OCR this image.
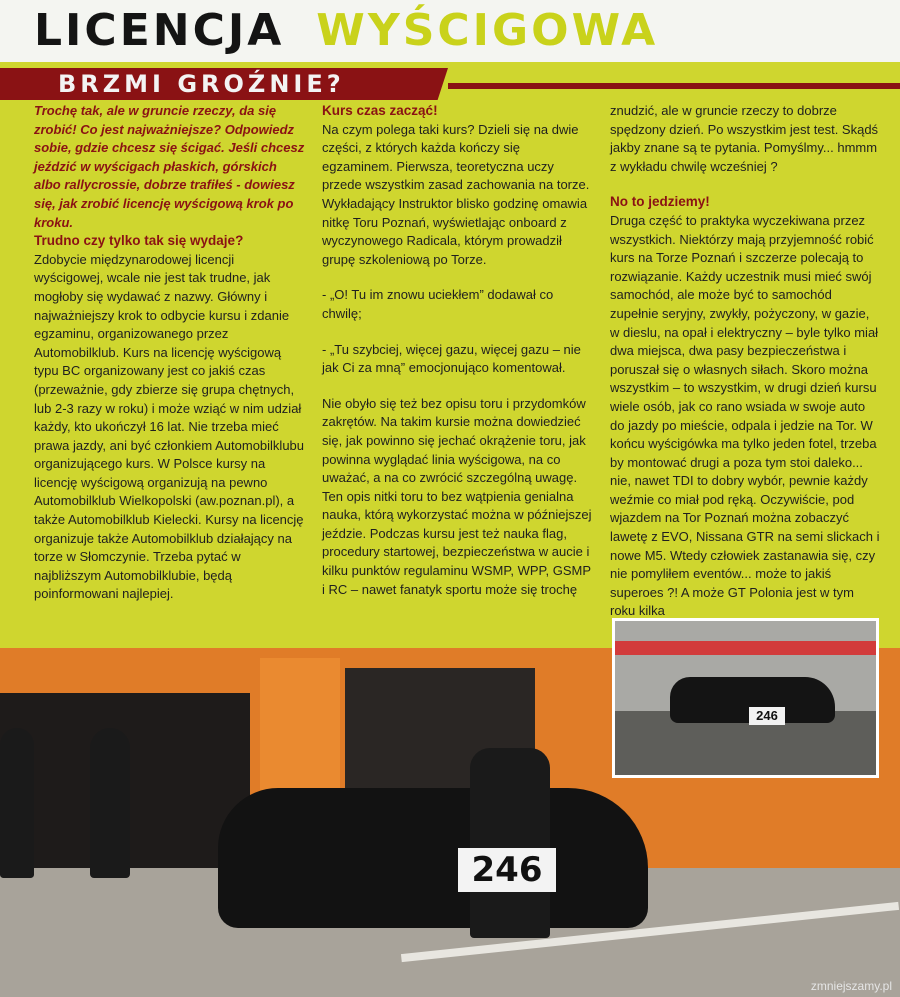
LICENCJA WYŚCIGOWA
BRZMI GROŹNIE?

Trochę tak, ale w gruncie rzeczy, da się zrobić! Co jest najważniejsze? Odpowiedz sobie, gdzie chcesz się ścigać. Jeśli chcesz jeździć w wyścigach płaskich, górskich albo rallycrossie, dobrze trafiłeś - dowiesz się, jak zrobić licencję wyścigową krok po kroku.

Trudno czy tylko tak się wydaje?

Zdobycie międzynarodowej licencji wyścigowej, wcale nie jest tak trudne, jak mogłoby się wydawać z nazwy. Główny i najważniejszy krok to odbycie kursu i zdanie egzaminu, organizowanego przez Automobilklub. Kurs na licencję wyścigową typu BC organizowany jest co jakiś czas (przeważnie, gdy zbierze się grupa chętnych, lub 2-3 razy w roku) i może wziąć w nim udział każdy, kto ukończył 16 lat. Nie trzeba mieć prawa jazdy, ani być członkiem Automobilklubu organizującego kurs. W Polsce kursy na licencję wyścigową organizują na pewno Automobilklub Wielkopolski (aw.poznan.pl), a także Automobilklub Kielecki. Kursy na licencję organizuje także Automobilklub działający na torze w Słomczynie. Trzeba pytać w najbliższym Automobilklubie, będą poinformowani najlepiej.

Kurs czas zacząć!

Na czym polega taki kurs? Dzieli się na dwie części, z których każda kończy się egzaminem. Pierwsza, teoretyczna uczy przede wszystkim zasad zachowania na torze. Wykładający Instruktor blisko godzinę omawia nitkę Toru Poznań, wyświetlając onboard z wyczynowego Radicala, którym prowadził grupę szkoleniową po Torze.

- „O! Tu im znowu uciekłem” dodawał co chwilę;

- „Tu szybciej, więcej gazu, więcej gazu – nie jak Ci za mną” emocjonująco komentował.

Nie obyło się też bez opisu toru i przydomków zakrętów. Na takim kursie można dowiedzieć się, jak powinno się jechać okrążenie toru, jak powinna wyglądać linia wyścigowa, na co uważać, a na co zwrócić szczególną uwagę. Ten opis nitki toru to bez wątpienia genialna nauka, którą wykorzystać można w późniejszej jeździe. Podczas kursu jest też nauka flag, procedury startowej, bezpieczeństwa w aucie i kilku punktów regulaminu WSMP, WPP, GSMP i RC – nawet fanatyk sportu może się trochę

znudzić, ale w gruncie rzeczy to dobrze spędzony dzień. Po wszystkim jest test. Skądś jakby znane są te pytania. Pomyślmy... hmmm z wykładu chwilę wcześniej ?

No to jedziemy!

Druga część to praktyka wyczekiwana przez wszystkich. Niektórzy mają przyjemność robić kurs na Torze Poznań i szczerze polecają to rozwiązanie. Każdy uczestnik musi mieć swój samochód, ale może być to samochód zupełnie seryjny, zwykły, pożyczony, w gazie, w dieslu, na opał i elektryczny – byle tylko miał dwa miejsca, dwa pasy bezpieczeństwa i poruszał się o własnych siłach. Skoro można wszystkim – to wszystkim, w drugi dzień kursu wiele osób, jak co rano wsiada w swoje auto do jazdy po mieście, odpala i jedzie na Tor. W końcu wyścigówka ma tylko jeden fotel, trzeba by montować drugi a poza tym stoi daleko... nie, nawet TDI to dobry wybór, pewnie każdy weźmie co miał pod ręką. Oczywiście, pod wjazdem na Tor Poznań można zobaczyć lawetę z EVO, Nissana GTR na semi slickach i nowe M5. Wtedy człowiek zastanawia się, czy nie pomyliłem eventów... może to jakiś superoes ?! A może GT Polonia jest w tym roku kilka

246
zmniejszamy.pl
246
